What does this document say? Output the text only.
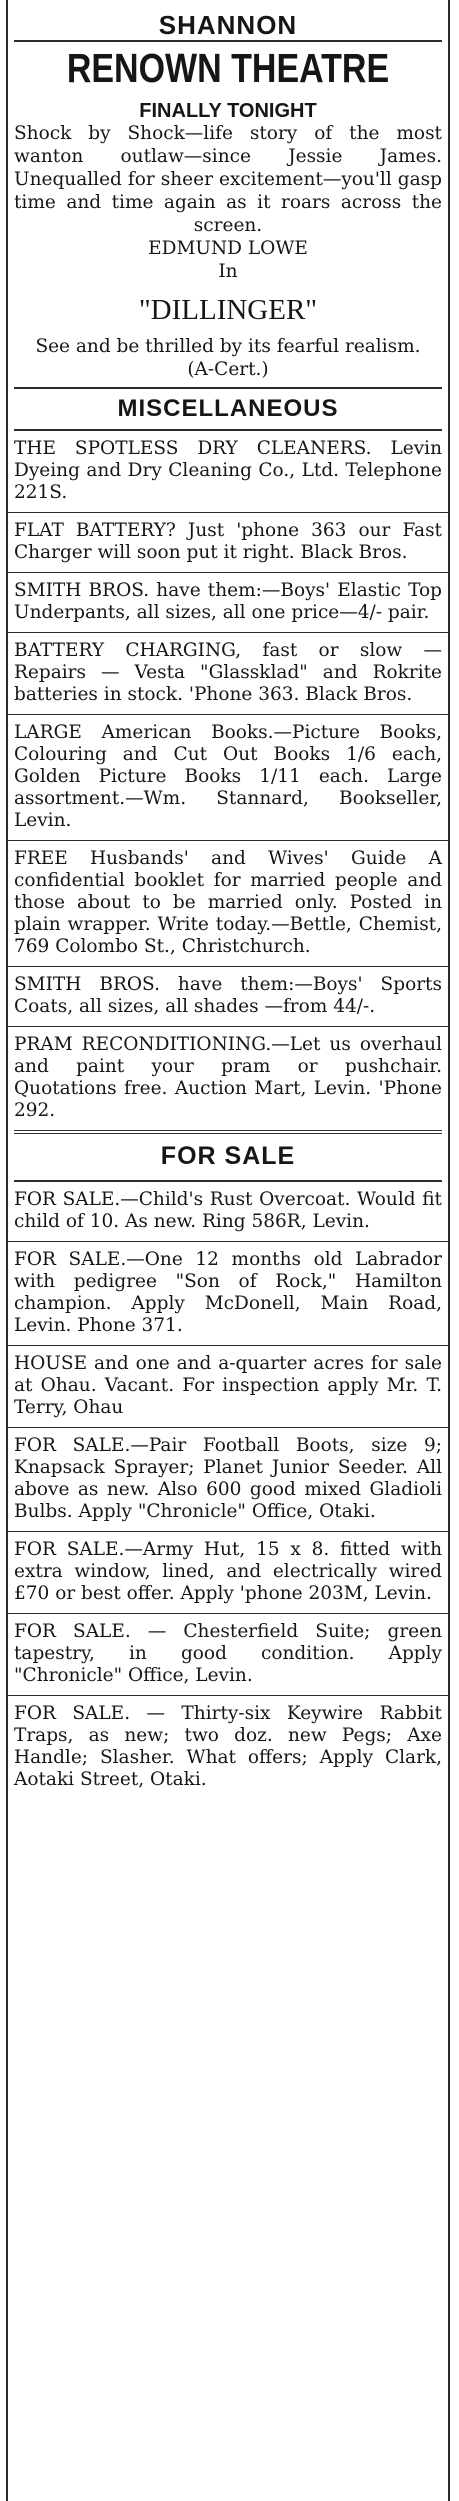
SHANNON
RENOWN THEATRE
FINALLY TONIGHT
Shock by Shock—life story of the most wanton outlaw—since Jessie James. Unequalled for sheer excitement—you'll gasp time and time again as it roars across the screen.
EDMUND LOWE
In
"DILLINGER"
See and be thrilled by its fearful realism.
(A-Cert.)
MISCELLANEOUS
THE SPOTLESS DRY CLEANERS. Levin Dyeing and Dry Cleaning Co., Ltd. Telephone 221S.
FLAT BATTERY? Just 'phone 363 our Fast Charger will soon put it right. Black Bros.
SMITH BROS. have them:—Boys' Elastic Top Underpants, all sizes, all one price—4/- pair.
BATTERY CHARGING, fast or slow — Repairs — Vesta "Glassklad" and Rokrite batteries in stock. 'Phone 363. Black Bros.
LARGE American Books.—Picture Books, Colouring and Cut Out Books 1/6 each, Golden Picture Books 1/11 each. Large assortment.—Wm. Stannard, Bookseller, Levin.
FREE Husbands' and Wives' Guide A confidential booklet for married people and those about to be married only. Posted in plain wrapper. Write today.—Bettle, Chemist, 769 Colombo St., Christchurch.
SMITH BROS. have them:—Boys' Sports Coats, all sizes, all shades —from 44/-.
PRAM RECONDITIONING.—Let us overhaul and paint your pram or pushchair. Quotations free. Auction Mart, Levin. 'Phone 292.
FOR SALE
FOR SALE.—Child's Rust Overcoat. Would fit child of 10. As new. Ring 586R, Levin.
FOR SALE.—One 12 months old Labrador with pedigree "Son of Rock," Hamilton champion. Apply McDonell, Main Road, Levin. Phone 371.
HOUSE and one and a-quarter acres for sale at Ohau. Vacant. For inspection apply Mr. T. Terry, Ohau
FOR SALE.—Pair Football Boots, size 9; Knapsack Sprayer; Planet Junior Seeder. All above as new. Also 600 good mixed Gladioli Bulbs. Apply "Chronicle" Office, Otaki.
FOR SALE.—Army Hut, 15 x 8. fitted with extra window, lined, and electrically wired £70 or best offer. Apply 'phone 203M, Levin.
FOR SALE. — Chesterfield Suite; green tapestry, in good condition. Apply "Chronicle" Office, Levin.
FOR SALE. — Thirty-six Keywire Rabbit Traps, as new; two doz. new Pegs; Axe Handle; Slasher. What offers; Apply Clark, Aotaki Street, Otaki.
